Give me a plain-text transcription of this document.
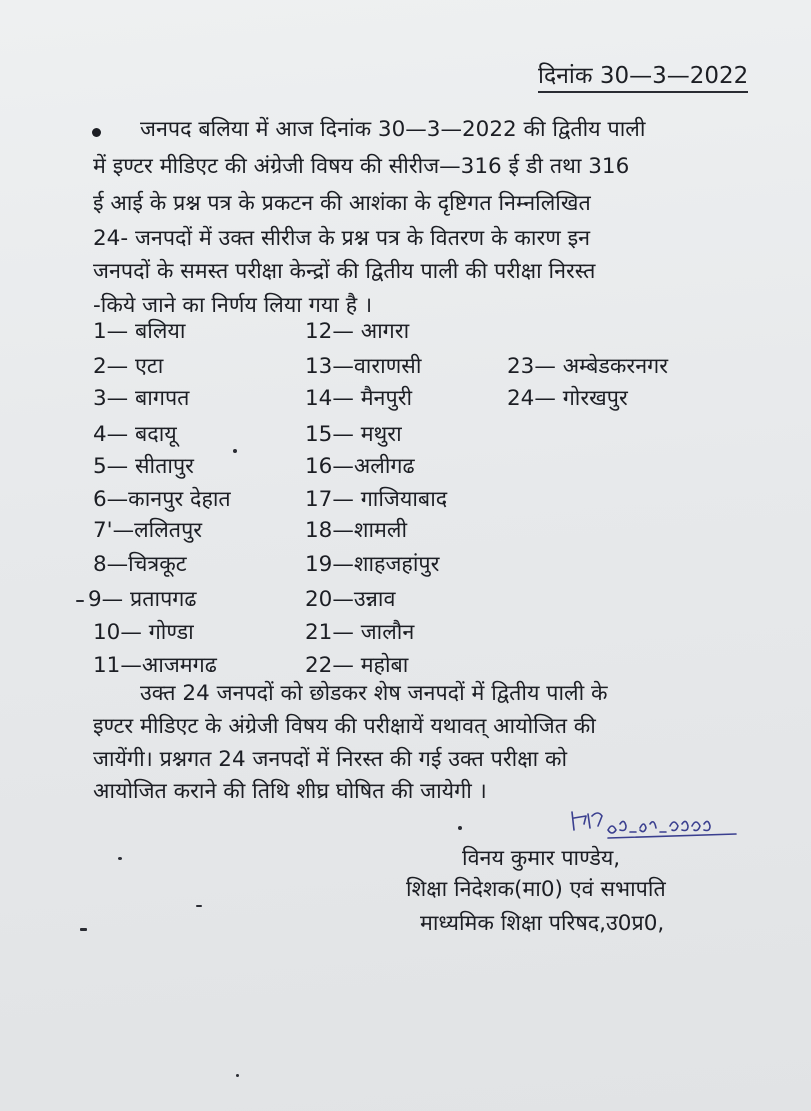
दिनांक 30—3—2022
जनपद बलिया में आज दिनांक 30—3—2022 की द्वितीय पाली
में इण्टर मीडिएट की अंग्रेजी विषय की सीरीज—316 ई डी तथा 316
ई आई के प्रश्न पत्र के प्रकटन की आशंका के दृष्टिगत निम्नलिखित
24- जनपदों में उक्त सीरीज के प्रश्न पत्र के वितरण के कारण इन
जनपदों के समस्त परीक्षा केन्द्रों की द्वितीय पाली की परीक्षा निरस्त
-किये जाने का निर्णय लिया गया है ।
1— बलिया
2— एटा
3— बागपत
4— बदायू
5— सीतापुर
6—कानपुर देहात
7'—ललितपुर
8—चित्रकूट
9— प्रतापगढ
10— गोण्डा
11—आजमगढ
12— आगरा
13—वाराणसी
14— मैनपुरी
15— मथुरा
16—अलीगढ
17— गाजियाबाद
18—शामली
19—शाहजहांपुर
20—उन्नाव
21— जालौन
22— महोबा
23— अम्बेडकरनगर
24— गोरखपुर
उक्त 24 जनपदों को छोडकर शेष जनपदों में द्वितीय पाली के
इण्टर मीडिएट के अंग्रेजी विषय की परीक्षायें यथावत् आयोजित की
जायेंगी। प्रश्नगत 24 जनपदों में निरस्त की गई उक्त परीक्षा को
आयोजित कराने की तिथि शीघ्र घोषित की जायेगी ।
विनय कुमार पाण्डेय,
शिक्षा निदेशक(मा0) एवं सभापति
माध्यमिक शिक्षा परिषद,उ0प्र0,
